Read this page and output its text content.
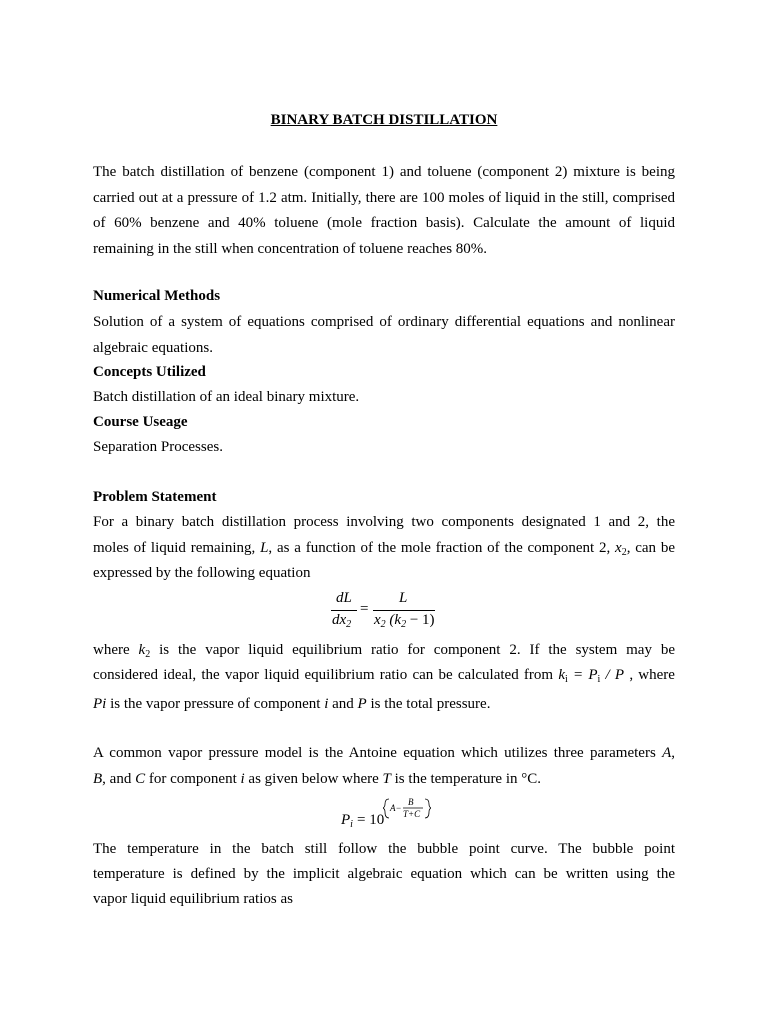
BINARY BATCH DISTILLATION

The batch distillation of benzene (component 1) and toluene (component 2) mixture is being carried out at a pressure of 1.2 atm. Initially, there are 100 moles of liquid in the still, comprised of 60% benzene and 40% toluene (mole fraction basis). Calculate the amount of liquid remaining in the still when concentration of toluene reaches 80%.

Numerical Methods

Solution of a system of equations comprised of ordinary differential equations and nonlinear algebraic equations.

Concepts Utilized
Batch distillation of an ideal binary mixture.
Course Useage
Separation Processes.
Problem Statement
For a binary batch distillation process involving two components designated 1 and 2, the
moles of liquid remaining, L, as a function of the mole fraction of the component 2, $x_2$, can be
expressed by the following equation
dL
$dx_2$
=
L
$x_2$ $(k_2 - 1)$
where $k_2$ is the vapor liquid equilibrium ratio for component 2. If the system may be
considered ideal, the vapor liquid equilibrium ratio can be calculated from $k_i = P_i / P$ , where
Pi is the vapor pressure of component i and P is the total pressure.
A common vapor pressure model is the Antoine equation which utilizes three parameters A,
B, and C for component i as given below where T is the temperature in °C.
$P_i = 10$
A−
B
T+C
The temperature in the batch still follow the bubble point curve. The bubble point
temperature is defined by the implicit algebraic equation which can be written using the
vapor liquid equilibrium ratios as
